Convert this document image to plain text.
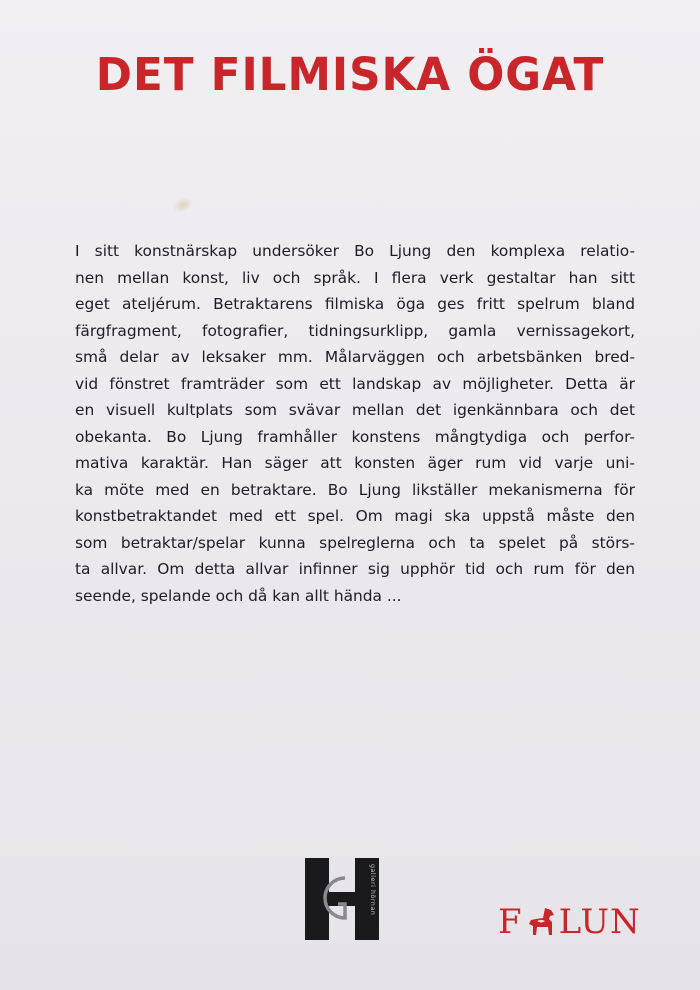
DET FILMISKA ÖGAT
I sitt konstnärskap undersöker Bo Ljung den komplexa relatio-
nen mellan konst, liv och språk. I flera verk gestaltar han sitt
eget ateljérum. Betraktarens filmiska öga ges fritt spelrum bland
färgfragment, fotografier, tidningsurklipp, gamla vernissagekort,
små delar av leksaker mm. Målarväggen och arbetsbänken bred-
vid fönstret framträder som ett landskap av möjligheter. Detta är
en visuell kultplats som svävar mellan det igenkännbara och det
obekanta. Bo Ljung framhåller konstens mångtydiga och perfor-
mativa karaktär. Han säger att konsten äger rum vid varje uni-
ka möte med en betraktare. Bo Ljung likställer mekanismerna för
konstbetraktandet med ett spel. Om magi ska uppstå måste den
som betraktar/spelar kunna spelreglerna och ta spelet på störs-
ta allvar. Om detta allvar infinner sig upphör tid och rum för den
seende, spelande och då kan allt hända ...
galleri hörnan
F LUN
